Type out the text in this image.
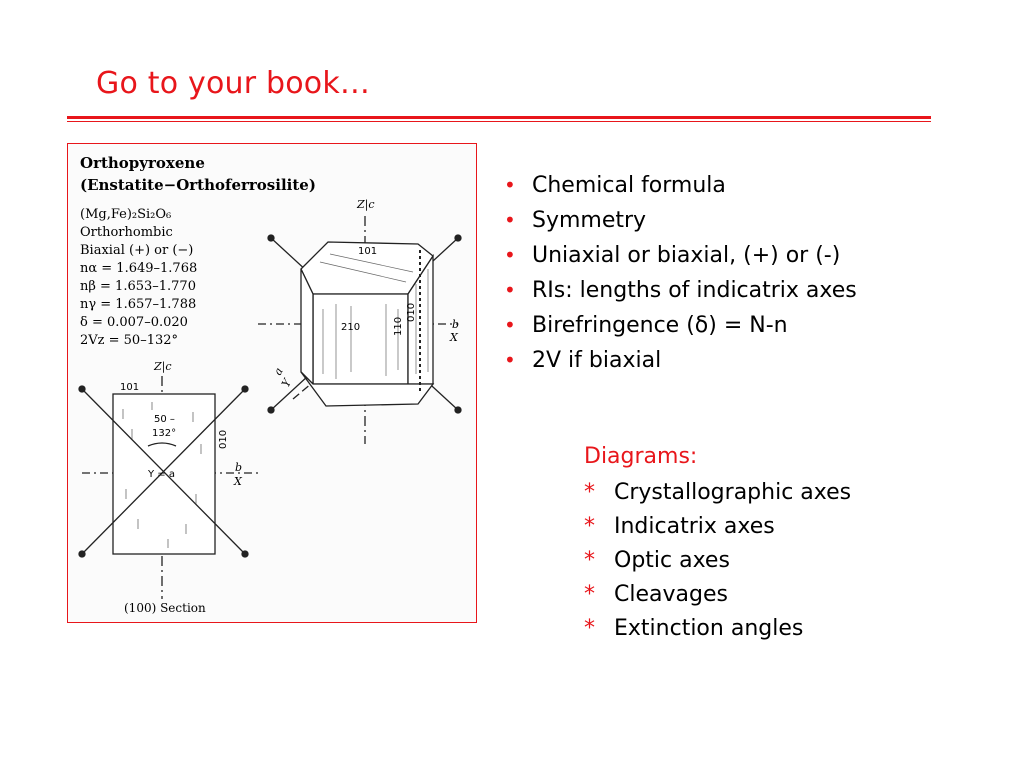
Go to your book…
Orthopyroxene
(Enstatite−Orthoferrosilite)
(Mg,Fe)₂Si₂O₆
Orthorhombic
Biaxial (+) or (−)
nα = 1.649–1.768
nβ = 1.653–1.770
nγ = 1.657–1.788
δ = 0.007–0.020
2Vz = 50–132°
Z|c
101
210	110
010
b
X
a
Y
Z|c
101
50 –
132°	010
Y = a
b
X
(100) Section
• Chemical formula
• Symmetry
• Uniaxial or biaxial, (+) or (-)
• RIs: lengths of indicatrix axes
• Birefringence (δ) = N-n
• 2V if biaxial
Diagrams:
* Crystallographic axes
* Indicatrix axes
* Optic axes
* Cleavages
* Extinction angles
